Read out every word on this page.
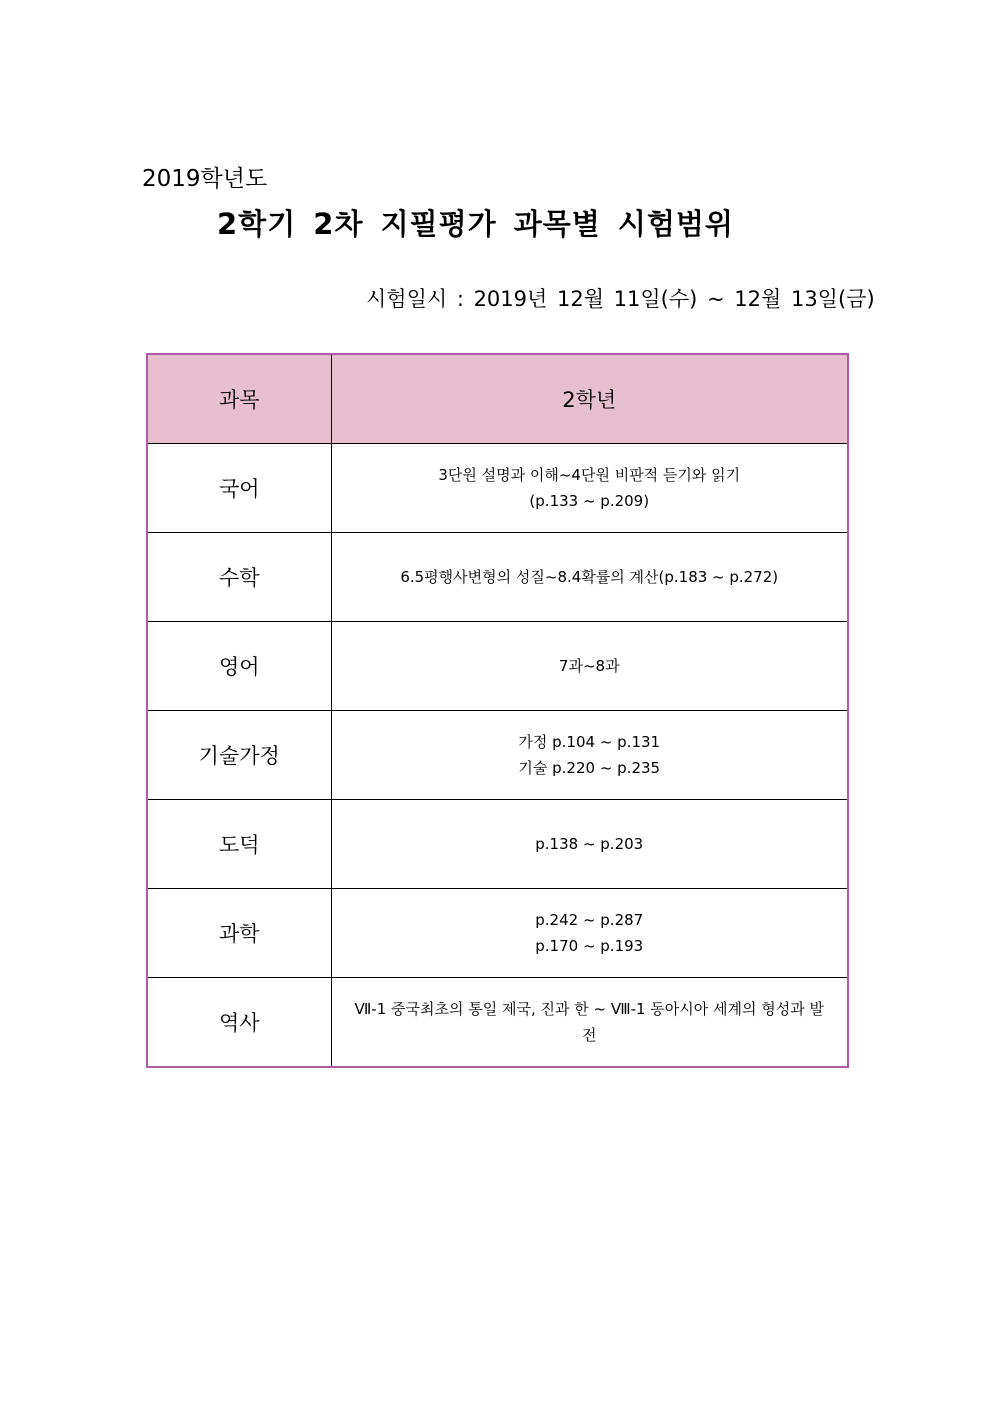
2019학년도
2학기 2차 지필평가 과목별 시험범위
시험일시 : 2019년 12월 11일(수) ~ 12월 13일(금)
과목	2학년
국어	3단원 설명과 이해~4단원 비판적 듣기와 읽기
(p.133 ~ p.209)

수학	6.5평행사변형의 성질~8.4확률의 계산(p.183 ~ p.272)

영어	7과~8과

기술가정	가정 p.104 ~ p.131
기술 p.220 ~ p.235

도덕	p.138 ~ p.203

과학	p.242 ~ p.287
p.170 ~ p.193

역사	Ⅶ-1 중국최초의 통일 제국, 진과 한 ~ Ⅷ-1 동아시아 세계의 형성과 발전
